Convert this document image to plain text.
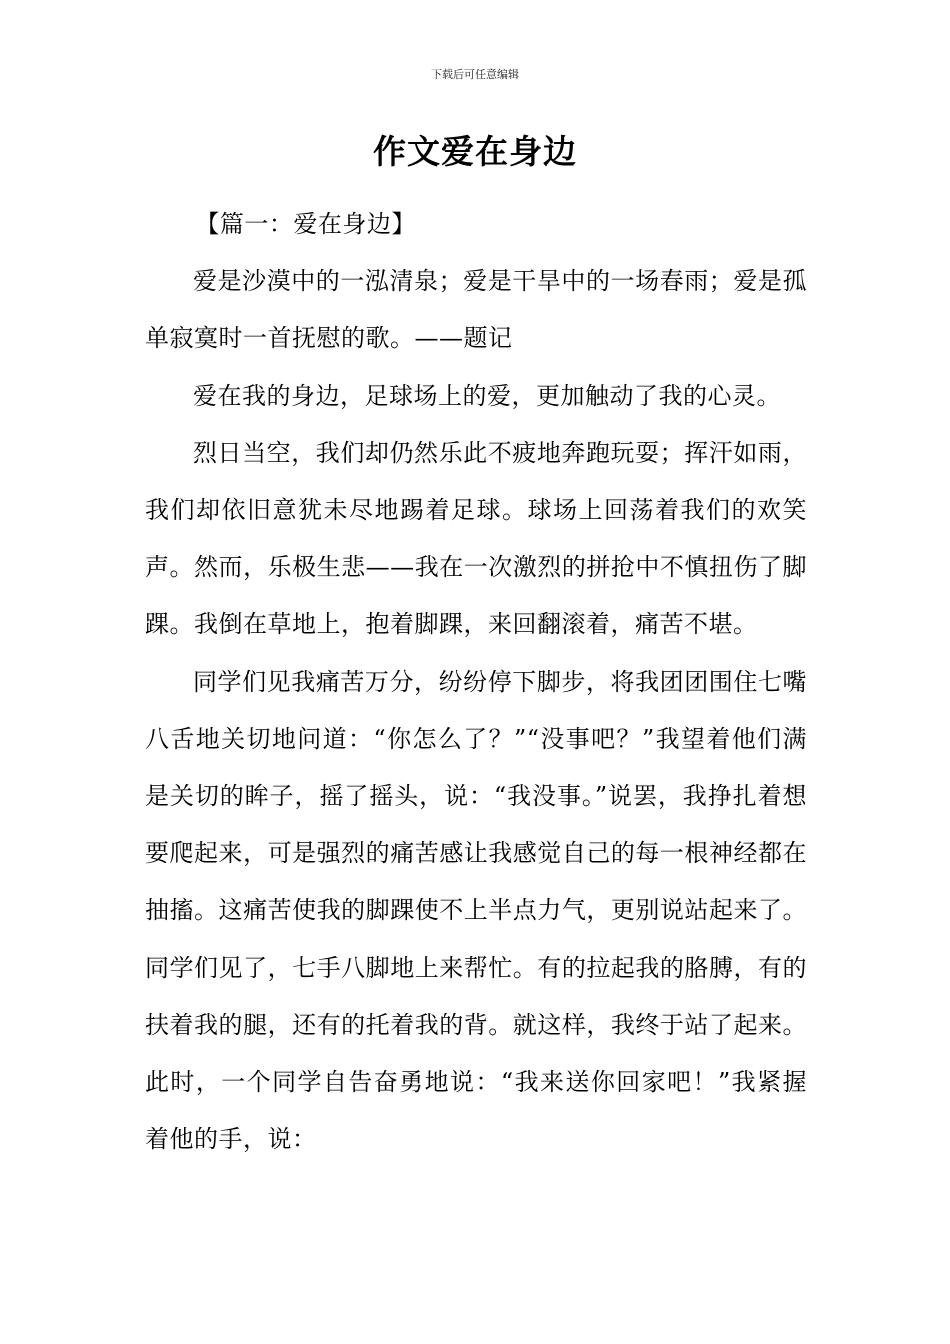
下载后可任意编辑
作文爱在身边

【篇一：爱在身边】

爱是沙漠中的一泓清泉；爱是干旱中的一场春雨；爱是孤单寂寞时一首抚慰的歌。——题记

爱在我的身边，足球场上的爱，更加触动了我的心灵。

烈日当空，我们却仍然乐此不疲地奔跑玩耍；挥汗如雨，我们却依旧意犹未尽地踢着足球。球场上回荡着我们的欢笑声。然而，乐极生悲——我在一次激烈的拼抢中不慎扭伤了脚踝。我倒在草地上，抱着脚踝，来回翻滚着，痛苦不堪。

同学们见我痛苦万分，纷纷停下脚步，将我团团围住七嘴八舌地关切地问道：“你怎么了？”“没事吧？”我望着他们满是关切的眸子，摇了摇头，说：“我没事。”说罢，我挣扎着想要爬起来，可是强烈的痛苦感让我感觉自己的每一根神经都在抽搐。这痛苦使我的脚踝使不上半点力气，更别说站起来了。同学们见了，七手八脚地上来帮忙。有的拉起我的胳膊，有的扶着我的腿，还有的托着我的背。就这样，我终于站了起来。此时，一个同学自告奋勇地说：“我来送你回家吧！”我紧握着他的手，说：
